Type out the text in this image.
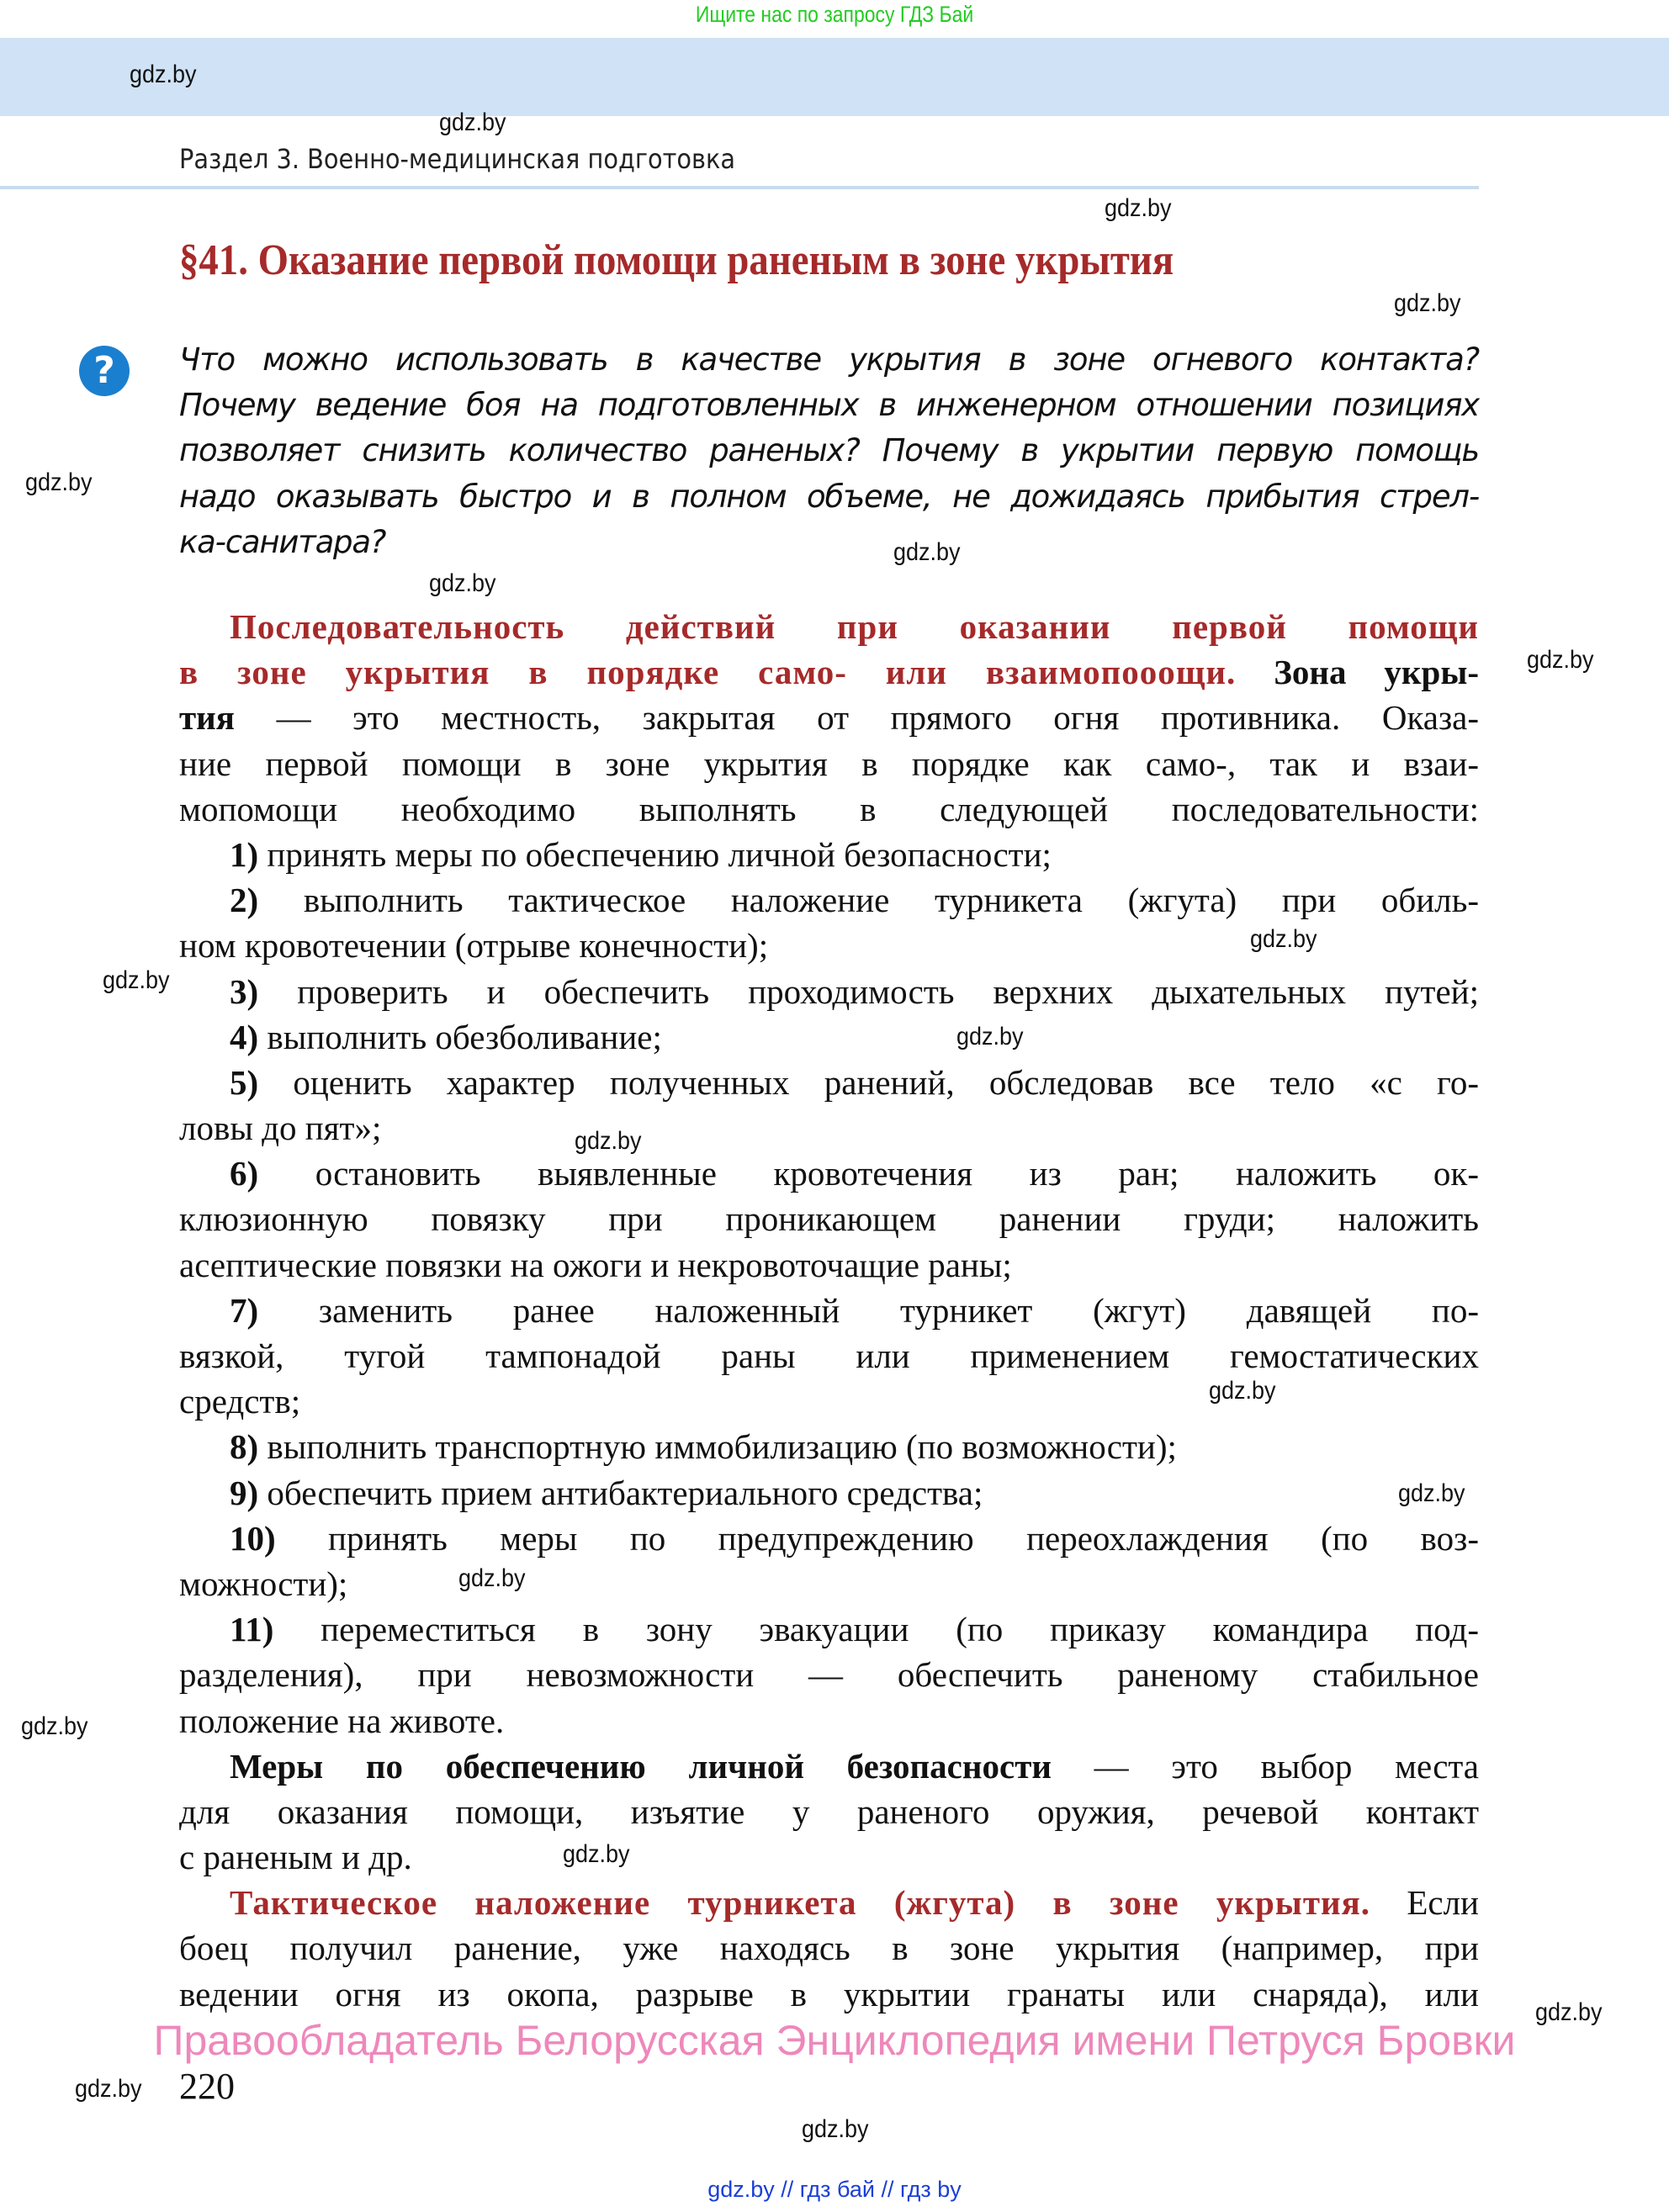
Ищите нас по запросу ГДЗ Бай
Раздел 3. Военно-медицинская подготовка
§41. Оказание первой помощи раненым в зоне укрытия
?	Что можно использовать в качестве укрытия в зоне огневого контакта?
Почему ведение боя на подготовленных в инженерном отношении позициях
позволяет снизить количество раненых? Почему в укрытии первую помощь
надо оказывать быстро и в полном объеме, не дожидаясь прибытия стрел-
ка-санитара?
Последовательность действий при оказании первой помощи
в зоне укрытия в порядке само- или взаимопооощи. Зона укры-
тия — это местность, закрытая от прямого огня противника. Оказа-
ние первой помощи в зоне укрытия в порядке как само-, так и взаи-
мопомощи необходимо выполнять в следующей последовательности:
1) принять меры по обеспечению личной безопасности;
2) выполнить тактическое наложение турникета (жгута) при обиль-
ном кровотечении (отрыве конечности);
3) проверить и обеспечить проходимость верхних дыхательных путей;
4) выполнить обезболивание;
5) оценить характер полученных ранений, обследовав все тело «с го-
ловы до пят»;
6) остановить выявленные кровотечения из ран; наложить ок-
клюзионную повязку при проникающем ранении груди; наложить
асептические повязки на ожоги и некровоточащие раны;
7) заменить ранее наложенный турникет (жгут) давящей по-
вязкой, тугой тампонадой раны или применением гемостатических
средств;
8) выполнить транспортную иммобилизацию (по возможности);
9) обеспечить прием антибактериального средства;
10) принять меры по предупреждению переохлаждения (по воз-
можности);
11) переместиться в зону эвакуации (по приказу командира под-
разделения), при невозможности — обеспечить раненому стабильное
положение на животе.
Меры по обеспечению личной безопасности — это выбор места
для оказания помощи, изъятие у раненого оружия, речевой контакт
с раненым и др.
Тактическое наложение турникета (жгута) в зоне укрытия. Если
боец получил ранение, уже находясь в зоне укрытия (например, при
ведении огня из окопа, разрыве в укрытии гранаты или снаряда), или
gdz.by
gdz.by
gdz.by
gdz.by
gdz.by
gdz.by
gdz.by
gdz.by
gdz.by
gdz.by
gdz.by
gdz.by
gdz.by
gdz.by
gdz.by
gdz.by
gdz.by
gdz.by
gdz.by
gdz.by
Правообладатель Белорусская Энциклопедия имени Петруся Бровки
220
gdz.by // гдз бай // гдз by
